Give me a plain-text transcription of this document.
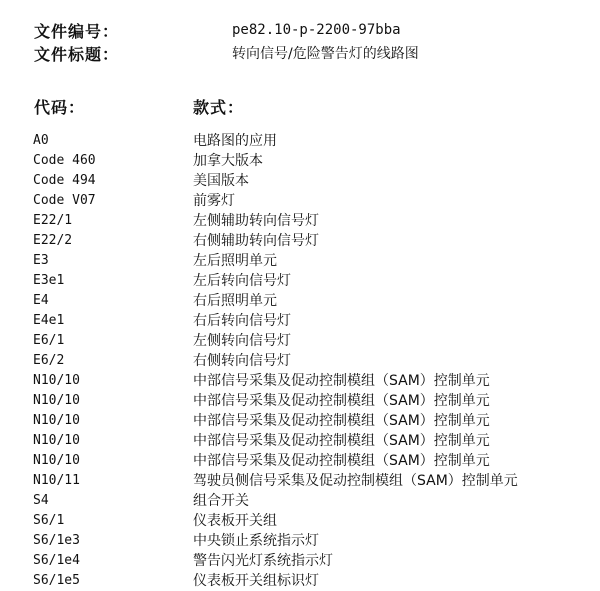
文件编号：	pe82.10-p-2200-97bba
文件标题：	转向信号/危险警告灯的线路图
代码：	款式：
A0	电路图的应用
Code 460	加拿大版本
Code 494	美国版本
Code V07	前雾灯
E22/1	左侧辅助转向信号灯
E22/2	右侧辅助转向信号灯
E3	左后照明单元
E3e1	左后转向信号灯
E4	右后照明单元
E4e1	右后转向信号灯
E6/1	左侧转向信号灯
E6/2	右侧转向信号灯
N10/10	中部信号采集及促动控制模组（SAM）控制单元
N10/10	中部信号采集及促动控制模组（SAM）控制单元
N10/10	中部信号采集及促动控制模组（SAM）控制单元
N10/10	中部信号采集及促动控制模组（SAM）控制单元
N10/10	中部信号采集及促动控制模组（SAM）控制单元
N10/11	驾驶员侧信号采集及促动控制模组（SAM）控制单元
S4	组合开关
S6/1	仪表板开关组
S6/1e3	中央锁止系统指示灯
S6/1e4	警告闪光灯系统指示灯
S6/1e5	仪表板开关组标识灯
